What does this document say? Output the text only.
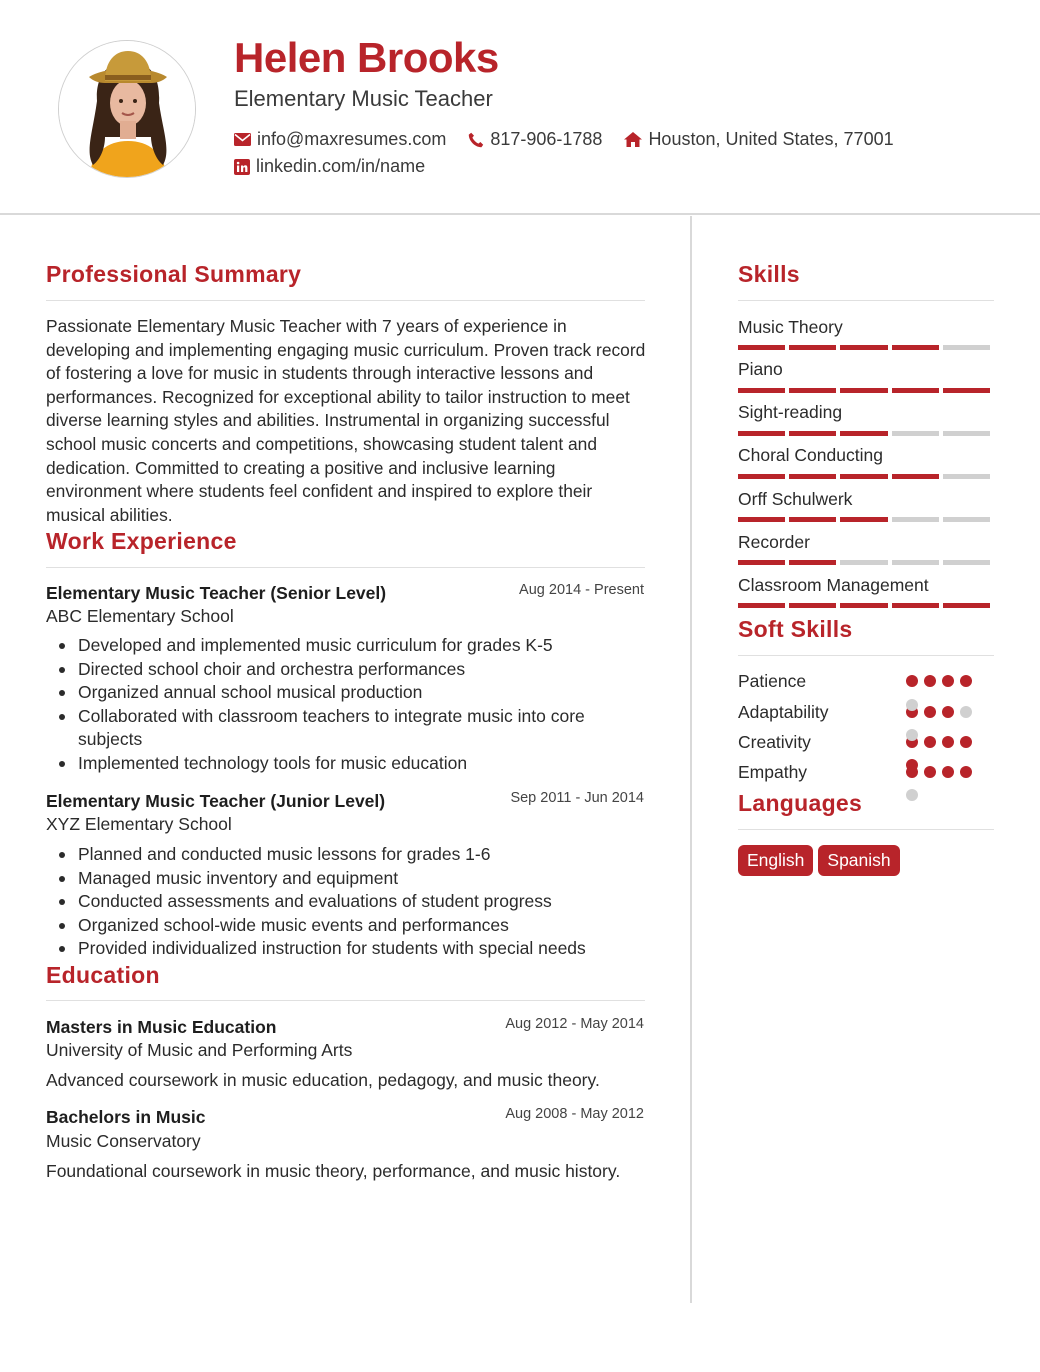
Helen Brooks
Elementary Music Teacher
info@maxresumes.com 817-906-1788	Houston, United States, 77001
linkedin.com/in/name
Professional Summary
Passionate Elementary Music Teacher with 7 years of experience in developing and implementing engaging music curriculum. Proven track record of fostering a love for music in students through interactive lessons and performances. Recognized for exceptional ability to tailor instruction to meet diverse learning styles and abilities. Instrumental in organizing successful school music concerts and competitions, showcasing student talent and dedication. Committed to creating a positive and inclusive learning environment where students feel confident and inspired to explore their musical abilities.
Work Experience
Elementary Music Teacher (Senior Level)	Aug 2014 - Present
ABC Elementary School
Developed and implemented music curriculum for grades K-5
Directed school choir and orchestra performances
Organized annual school musical production
Collaborated with classroom teachers to integrate music into core subjects
Implemented technology tools for music education
Elementary Music Teacher (Junior Level)	Sep 2011 - Jun 2014
XYZ Elementary School
Planned and conducted music lessons for grades 1-6
Managed music inventory and equipment
Conducted assessments and evaluations of student progress
Organized school-wide music events and performances
Provided individualized instruction for students with special needs
Education
Masters in Music Education	Aug 2012 - May 2014
University of Music and Performing Arts
Advanced coursework in music education, pedagogy, and music theory.
Bachelors in Music	Aug 2008 - May 2012
Music Conservatory
Foundational coursework in music theory, performance, and music history.
Skills
Music Theory
Piano
Sight-reading
Choral Conducting
Orff Schulwerk
Recorder
Classroom Management
Soft Skills
Patience
Adaptability
Creativity
Empathy
Languages
English	Spanish
